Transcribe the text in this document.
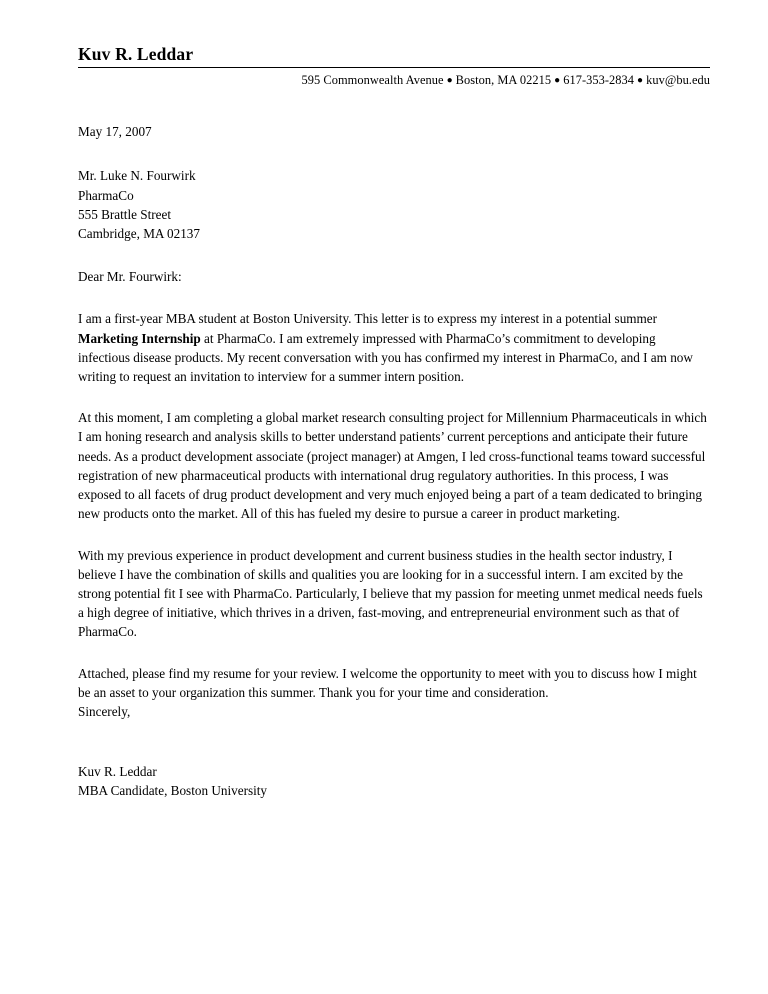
Kuv R. Leddar
595 Commonwealth Avenue ● Boston, MA 02215 ● 617-353-2834 ● kuv@bu.edu
May 17, 2007
Mr. Luke N. Fourwirk
PharmaCo
555 Brattle Street
Cambridge, MA 02137
Dear Mr. Fourwirk:

I am a first-year MBA student at Boston University. This letter is to express my interest in a potential summer Marketing Internship at PharmaCo. I am extremely impressed with PharmaCo’s commitment to developing infectious disease products. My recent conversation with you has confirmed my interest in PharmaCo, and I am now writing to request an invitation to interview for a summer intern position.

At this moment, I am completing a global market research consulting project for Millennium Pharmaceuticals in which I am honing research and analysis skills to better understand patients’ current perceptions and anticipate their future needs. As a product development associate (project manager) at Amgen, I led cross-functional teams toward successful registration of new pharmaceutical products with international drug regulatory authorities. In this process, I was exposed to all facets of drug product development and very much enjoyed being a part of a team dedicated to bringing new products onto the market. All of this has fueled my desire to pursue a career in product marketing.

With my previous experience in product development and current business studies in the health sector industry, I believe I have the combination of skills and qualities you are looking for in a successful intern. I am excited by the strong potential fit I see with PharmaCo. Particularly, I believe that my passion for meeting unmet medical needs fuels a high degree of initiative, which thrives in a driven, fast-moving, and entrepreneurial environment such as that of PharmaCo.

Attached, please find my resume for your review. I welcome the opportunity to meet with you to discuss how I might be an asset to your organization this summer. Thank you for your time and consideration.

Sincerely,
Kuv R. Leddar
MBA Candidate, Boston University
